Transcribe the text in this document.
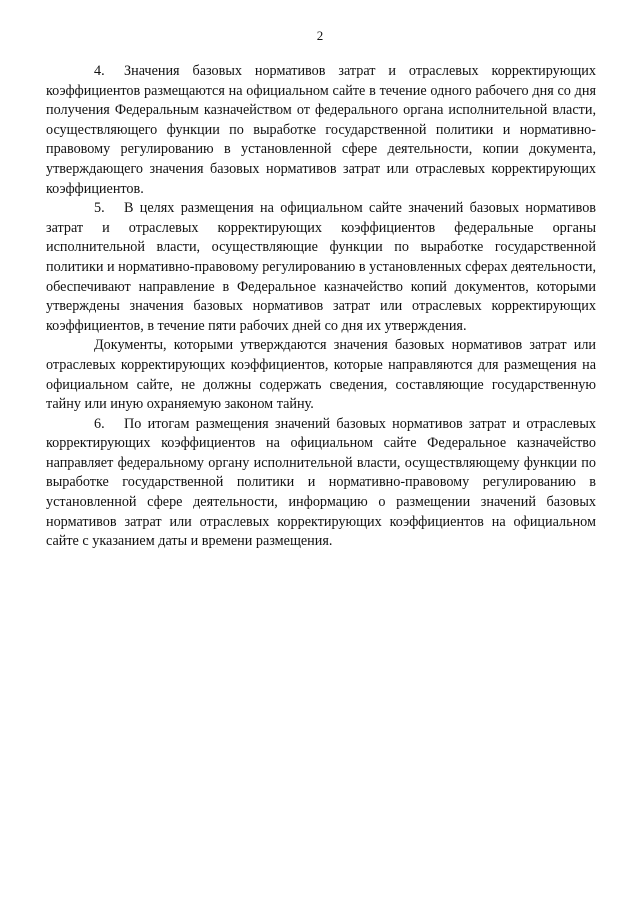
2

4. Значения базовых нормативов затрат и отраслевых корректирующих коэффициентов размещаются на официальном сайте в течение одного рабочего дня со дня получения Федеральным казначейством от федерального органа исполнительной власти, осуществляющего функции по выработке государственной политики и нормативно-правовому регулированию в установленной сфере деятельности, копии документа, утверждающего значения базовых нормативов затрат или отраслевых корректирующих коэффициентов.

5. В целях размещения на официальном сайте значений базовых нормативов затрат и отраслевых корректирующих коэффициентов федеральные органы исполнительной власти, осуществляющие функции по выработке государственной политики и нормативно-правовому регулированию в установленных сферах деятельности, обеспечивают направление в Федеральное казначейство копий документов, которыми утверждены значения базовых нормативов затрат или отраслевых корректирующих коэффициентов, в течение пяти рабочих дней со дня их утверждения.

Документы, которыми утверждаются значения базовых нормативов затрат или отраслевых корректирующих коэффициентов, которые направляются для размещения на официальном сайте, не должны содержать сведения, составляющие государственную тайну или иную охраняемую законом тайну.

6. По итогам размещения значений базовых нормативов затрат и отраслевых корректирующих коэффициентов на официальном сайте Федеральное казначейство направляет федеральному органу исполнительной власти, осуществляющему функции по выработке государственной политики и нормативно-правовому регулированию в установленной сфере деятельности, информацию о размещении значений базовых нормативов затрат или отраслевых корректирующих коэффициентов на официальном сайте с указанием даты и времени размещения.
